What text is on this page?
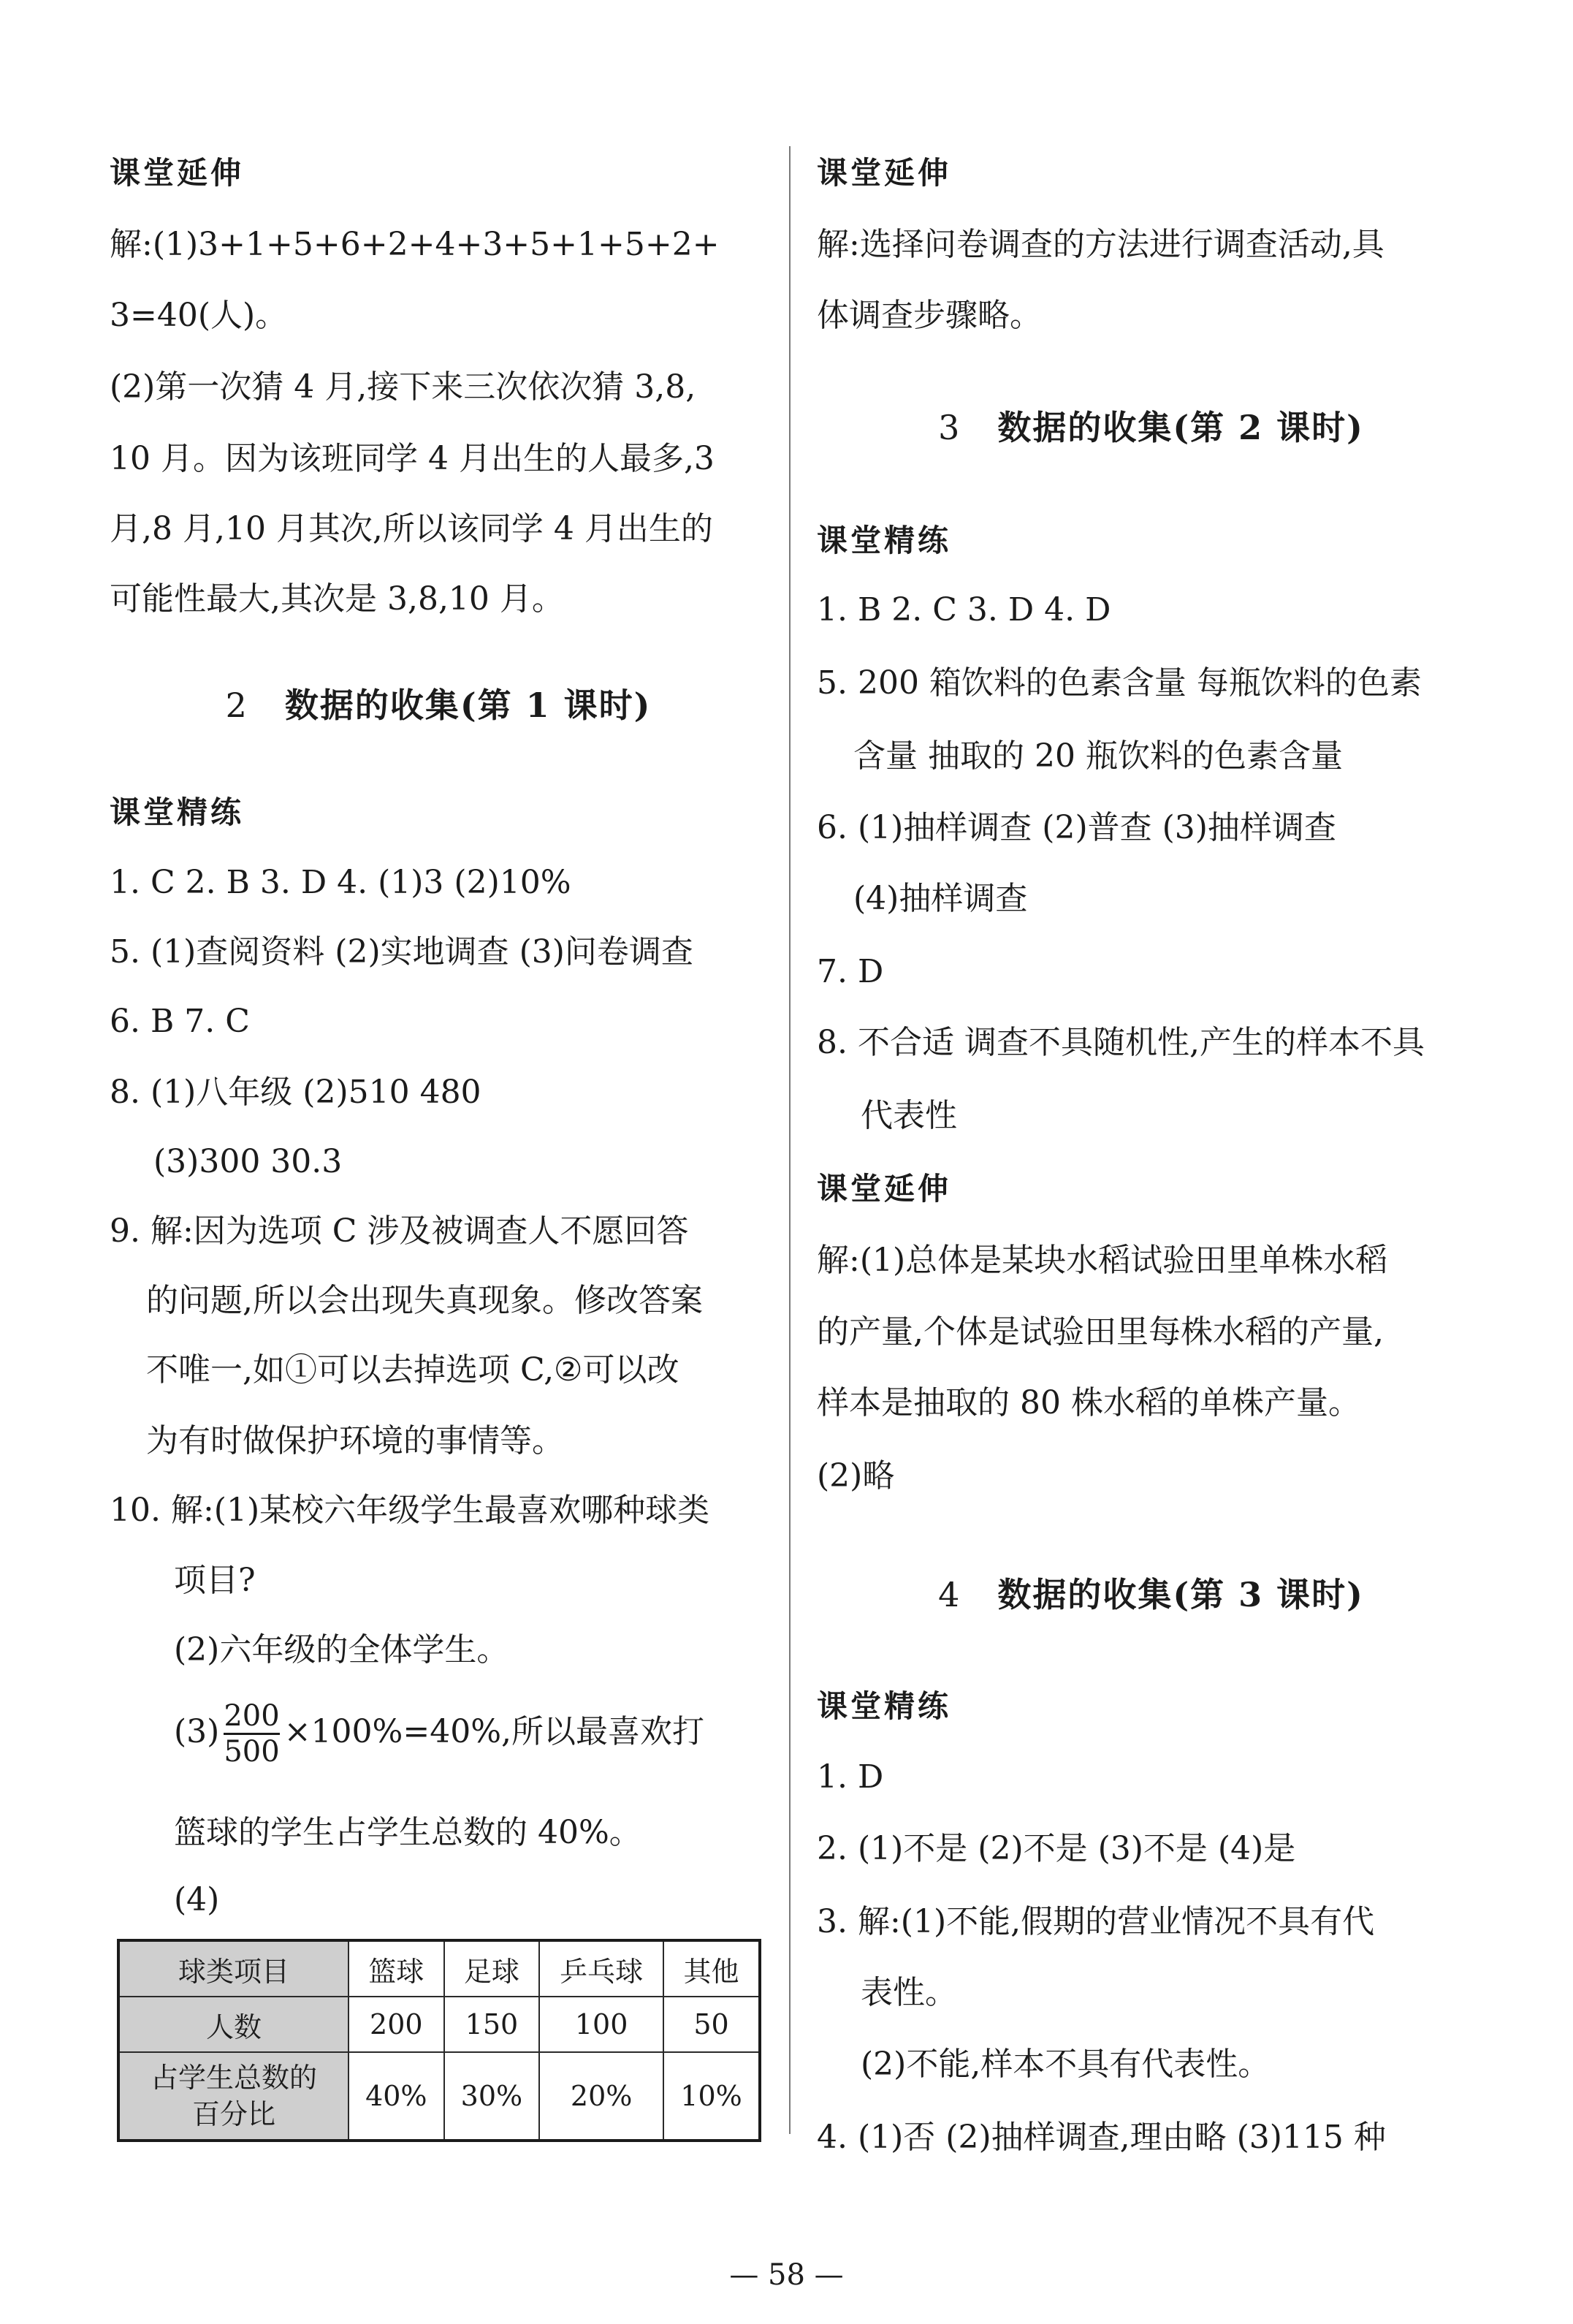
课堂延伸
解:(1)3+1+5+6+2+4+3+5+1+5+2+
3=40(人)。
(2)第一次猜 4 月,接下来三次依次猜 3,8,
10 月。因为该班同学 4 月出生的人最多,3
月,8 月,10 月其次,所以该同学 4 月出生的
可能性最大,其次是 3,8,10 月。
2 数据的收集(第 1 课时)
课堂精练
1. C 2. B 3. D 4. (1)3 (2)10%
5. (1)查阅资料 (2)实地调查 (3)问卷调查
6. B 7. C
8. (1)八年级 (2)510 480
(3)300 30.3
9. 解:因为选项 C 涉及被调查人不愿回答
的问题,所以会出现失真现象。修改答案
不唯一,如①可以去掉选项 C,②可以改
为有时做保护环境的事情等。
10. 解:(1)某校六年级学生最喜欢哪种球类
项目?
(2)六年级的全体学生。
$(3) \frac{200}{500} \times 100\%=40\%$,所以最喜欢打
篮球的学生占学生总数的 40%。
(4)
球类项目	篮球	足球	乒乓球	其他
人数	200	150	100	50
占学生总数的
百分比	40%	30%	20%	10%
课堂延伸
解:选择问卷调查的方法进行调查活动,具
体调查步骤略。
3 数据的收集(第 2 课时)
课堂精练
1. B 2. C 3. D 4. D
5. 200 箱饮料的色素含量 每瓶饮料的色素
含量 抽取的 20 瓶饮料的色素含量
6. (1)抽样调查 (2)普查 (3)抽样调查
(4)抽样调查
7. D
8. 不合适 调查不具随机性,产生的样本不具
代表性
课堂延伸
解:(1)总体是某块水稻试验田里单株水稻
的产量,个体是试验田里每株水稻的产量,
样本是抽取的 80 株水稻的单株产量。
(2)略
4 数据的收集(第 3 课时)
课堂精练
1. D
2. (1)不是 (2)不是 (3)不是 (4)是
3. 解:(1)不能,假期的营业情况不具有代
表性。
(2)不能,样本不具有代表性。
4. (1)否 (2)抽样调查,理由略 (3)115 种
— 58 —
